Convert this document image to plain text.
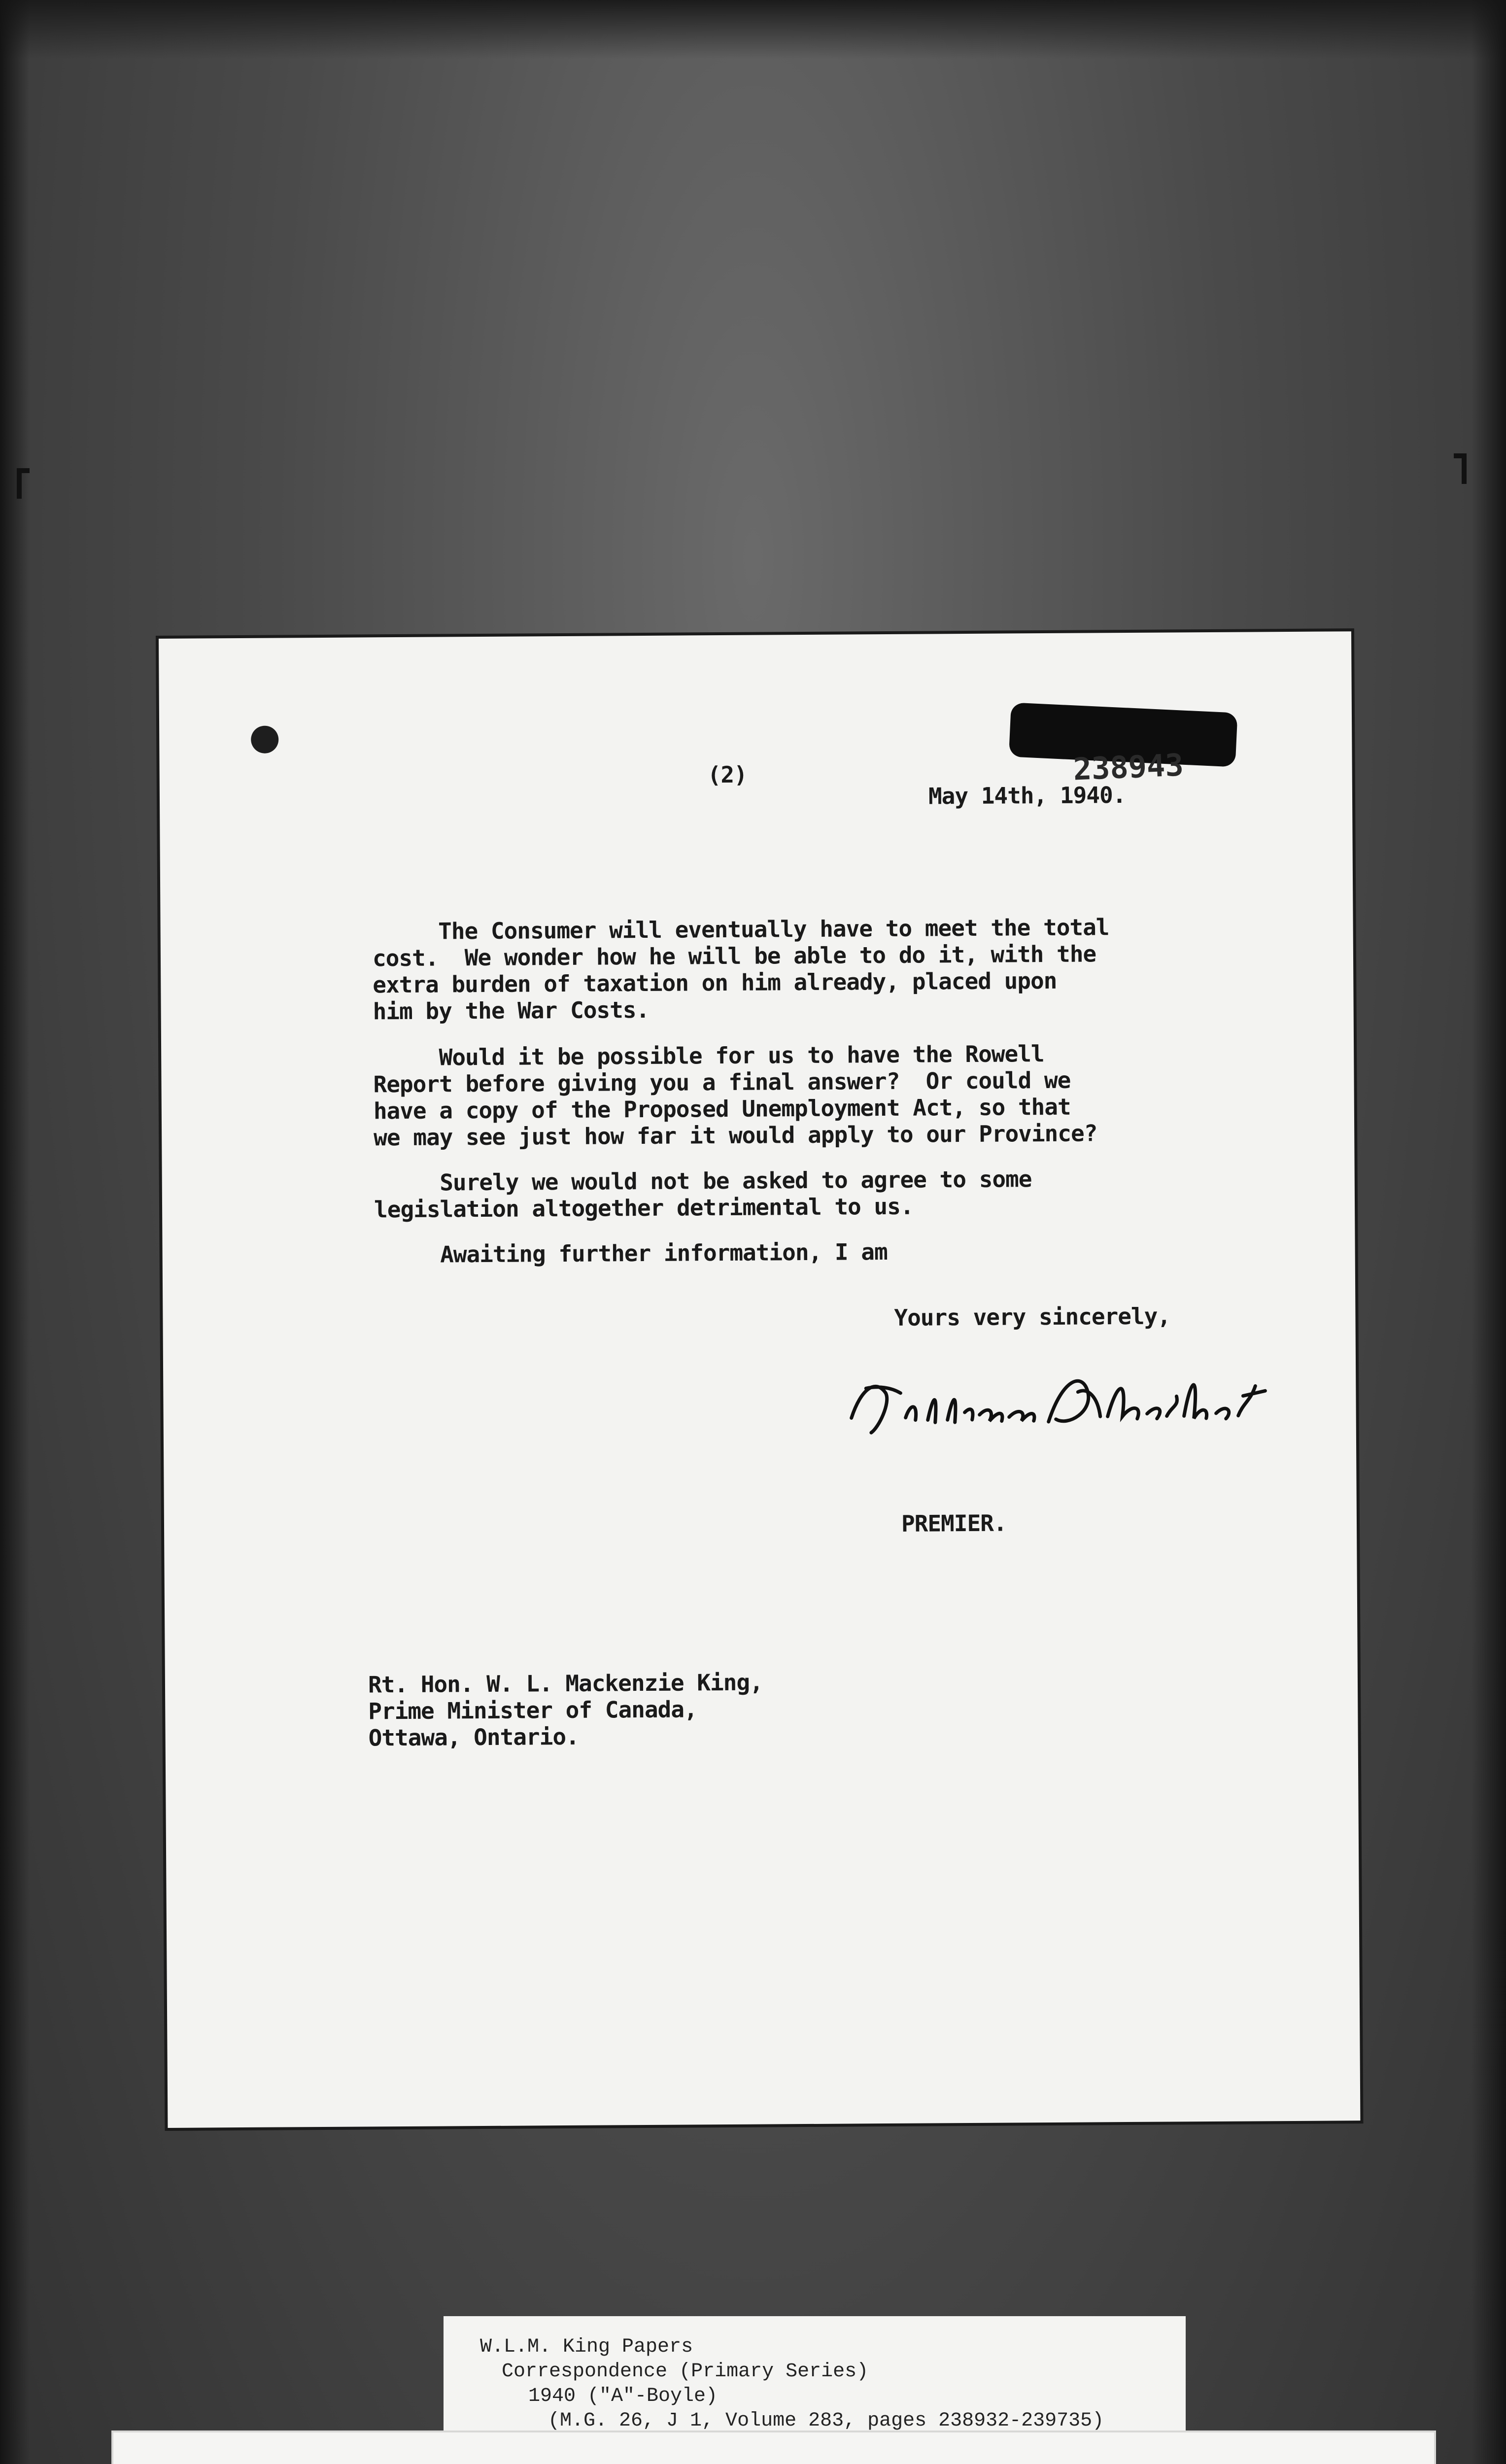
238943
(2)
May 14th, 1940.
The Consumer will eventually have to meet the total
cost.  We wonder how he will be able to do it, with the
extra burden of taxation on him already, placed upon
him by the War Costs.
Would it be possible for us to have the Rowell
Report before giving you a final answer?  Or could we
have a copy of the Proposed Unemployment Act, so that
we may see just how far it would apply to our Province?
Surely we would not be asked to agree to some
legislation altogether detrimental to us.
Awaiting further information, I am
Yours very sincerely,
PREMIER.
Rt. Hon. W. L. Mackenzie King,
Prime Minister of Canada,
Ottawa, Ontario.
W.L.M. King Papers
Correspondence (Primary Series)
1940 ("A"-Boyle)
(M.G. 26, J 1, Volume 283, pages 238932-239735)
